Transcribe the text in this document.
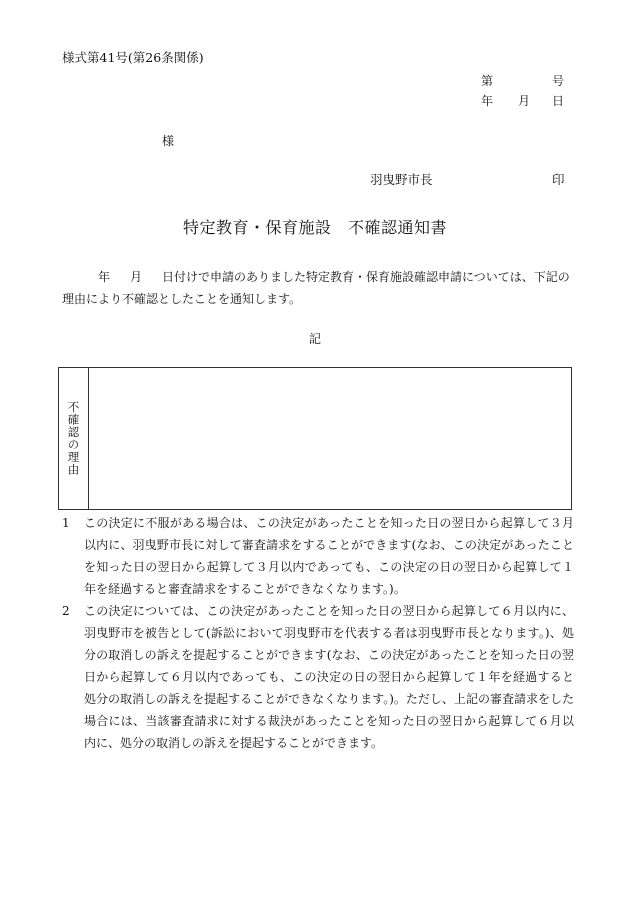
様式第41号(第26条関係)
第	号
年 月 日
様
羽曳野市長	印
特定教育・保育施設　不確認通知書
年 月 日付けで申請のありました特定教育・保育施設確認申請については、下記の理由により不確認としたことを通知します。
記
不確認の理由
1	この決定に不服がある場合は、この決定があったことを知った日の翌日から起算して３月以内に、羽曳野市長に対して審査請求をすることができます(なお、この決定があったことを知った日の翌日から起算して３月以内であっても、この決定の日の翌日から起算して１年を経過すると審査請求をすることができなくなります。)。
2	この決定については、この決定があったことを知った日の翌日から起算して６月以内に、羽曳野市を被告として(訴訟において羽曳野市を代表する者は羽曳野市長となります。)、処分の取消しの訴えを提起することができます(なお、この決定があったことを知った日の翌日から起算して６月以内であっても、この決定の日の翌日から起算して１年を経過すると処分の取消しの訴えを提起することができなくなります。)。ただし、上記の審査請求をした場合には、当該審査請求に対する裁決があったことを知った日の翌日から起算して６月以内に、処分の取消しの訴えを提起することができます。
